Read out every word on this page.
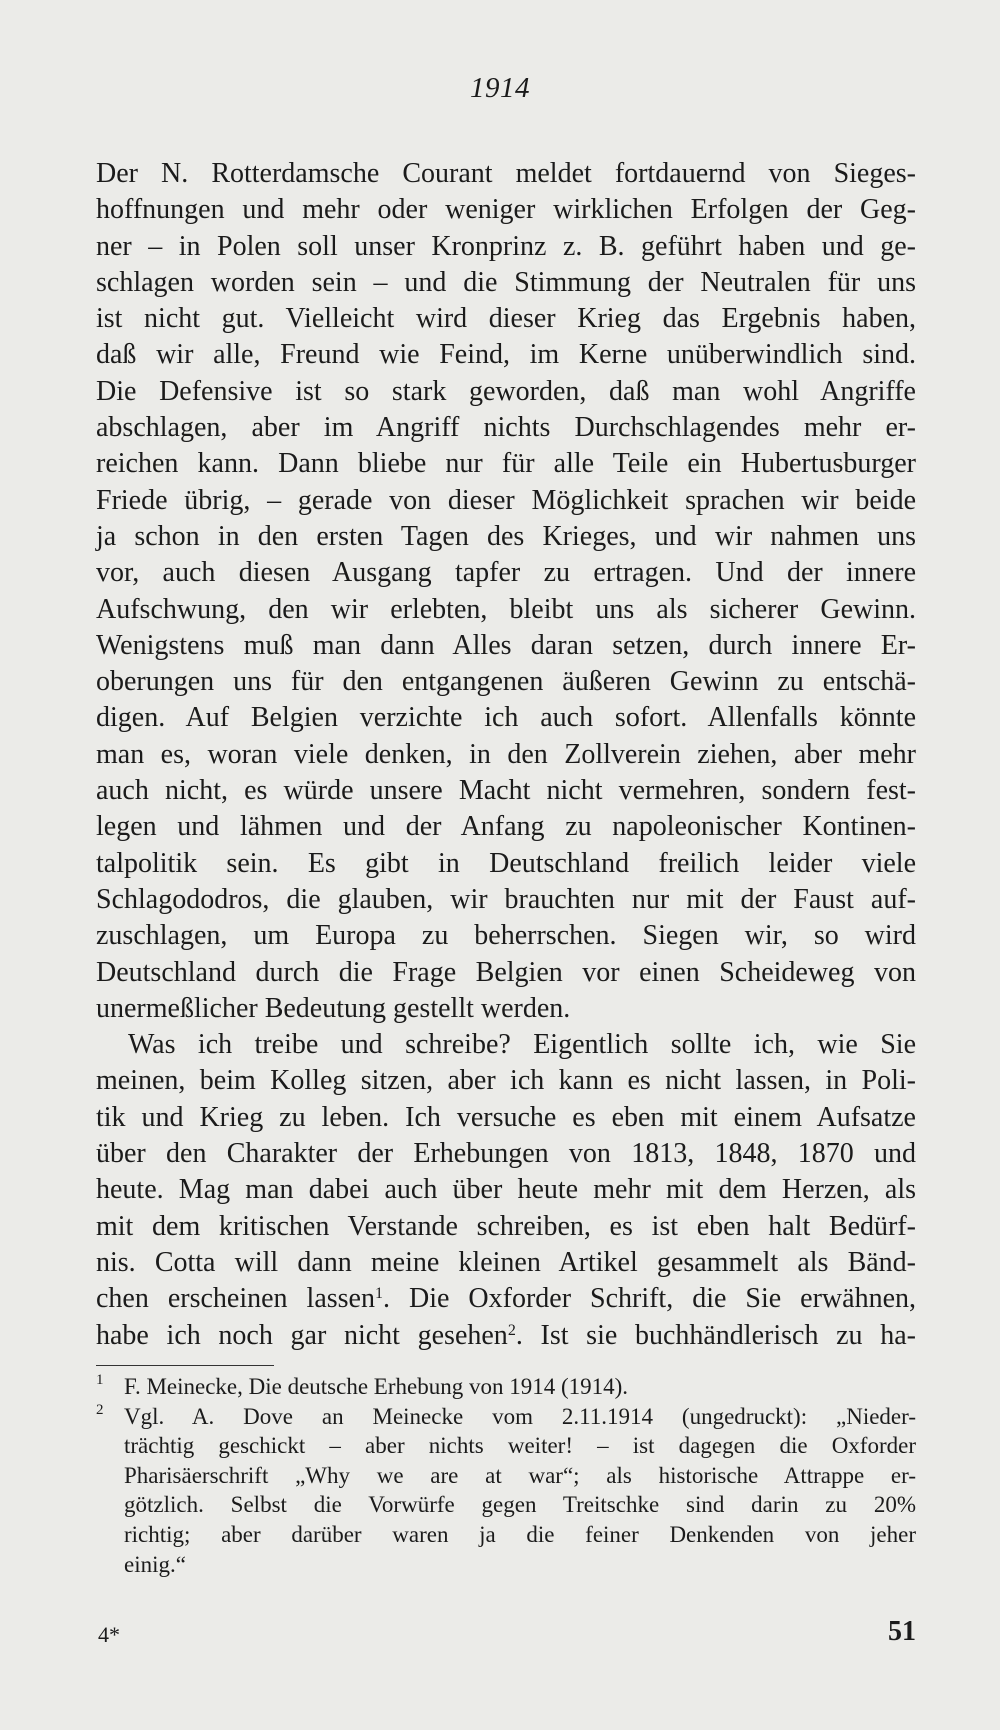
1914
Der N. Rotterdamsche Courant meldet fortdauernd von Sieges-
hoffnungen und mehr oder weniger wirklichen Erfolgen der Geg-
ner – in Polen soll unser Kronprinz z. B. geführt haben und ge-
schlagen worden sein – und die Stimmung der Neutralen für uns
ist nicht gut. Vielleicht wird dieser Krieg das Ergebnis haben,
daß wir alle, Freund wie Feind, im Kerne unüberwindlich sind.
Die Defensive ist so stark geworden, daß man wohl Angriffe
abschlagen, aber im Angriff nichts Durchschlagendes mehr er-
reichen kann. Dann bliebe nur für alle Teile ein Hubertusburger
Friede übrig, – gerade von dieser Möglichkeit sprachen wir beide
ja schon in den ersten Tagen des Krieges, und wir nahmen uns
vor, auch diesen Ausgang tapfer zu ertragen. Und der innere
Aufschwung, den wir erlebten, bleibt uns als sicherer Gewinn.
Wenigstens muß man dann Alles daran setzen, durch innere Er-
oberungen uns für den entgangenen äußeren Gewinn zu entschä-
digen. Auf Belgien verzichte ich auch sofort. Allenfalls könnte
man es, woran viele denken, in den Zollverein ziehen, aber mehr
auch nicht, es würde unsere Macht nicht vermehren, sondern fest-
legen und lähmen und der Anfang zu napoleonischer Kontinen-
talpolitik sein. Es gibt in Deutschland freilich leider viele
Schlagododros, die glauben, wir brauchten nur mit der Faust auf-
zuschlagen, um Europa zu beherrschen. Siegen wir, so wird
Deutschland durch die Frage Belgien vor einen Scheideweg von
unermeßlicher Bedeutung gestellt werden.
Was ich treibe und schreibe? Eigentlich sollte ich, wie Sie
meinen, beim Kolleg sitzen, aber ich kann es nicht lassen, in Poli-
tik und Krieg zu leben. Ich versuche es eben mit einem Aufsatze
über den Charakter der Erhebungen von 1813, 1848, 1870 und
heute. Mag man dabei auch über heute mehr mit dem Herzen, als
mit dem kritischen Verstande schreiben, es ist eben halt Bedürf-
nis. Cotta will dann meine kleinen Artikel gesammelt als Bänd-
chen erscheinen lassen$^1$. Die Oxforder Schrift, die Sie erwähnen,
habe ich noch gar nicht gesehen$^2$. Ist sie buchhändlerisch zu ha-
1 F. Meinecke, Die deutsche Erhebung von 1914 (1914).
2 Vgl. A. Dove an Meinecke vom 2.11.1914 (ungedruckt): „Nieder-
trächtig geschickt – aber nichts weiter! – ist dagegen die Oxforder
Pharisäerschrift „Why we are at war“; als historische Attrappe er-
götzlich. Selbst die Vorwürfe gegen Treitschke sind darin zu 20%
richtig; aber darüber waren ja die feiner Denkenden von jeher
einig.“
4*	51
